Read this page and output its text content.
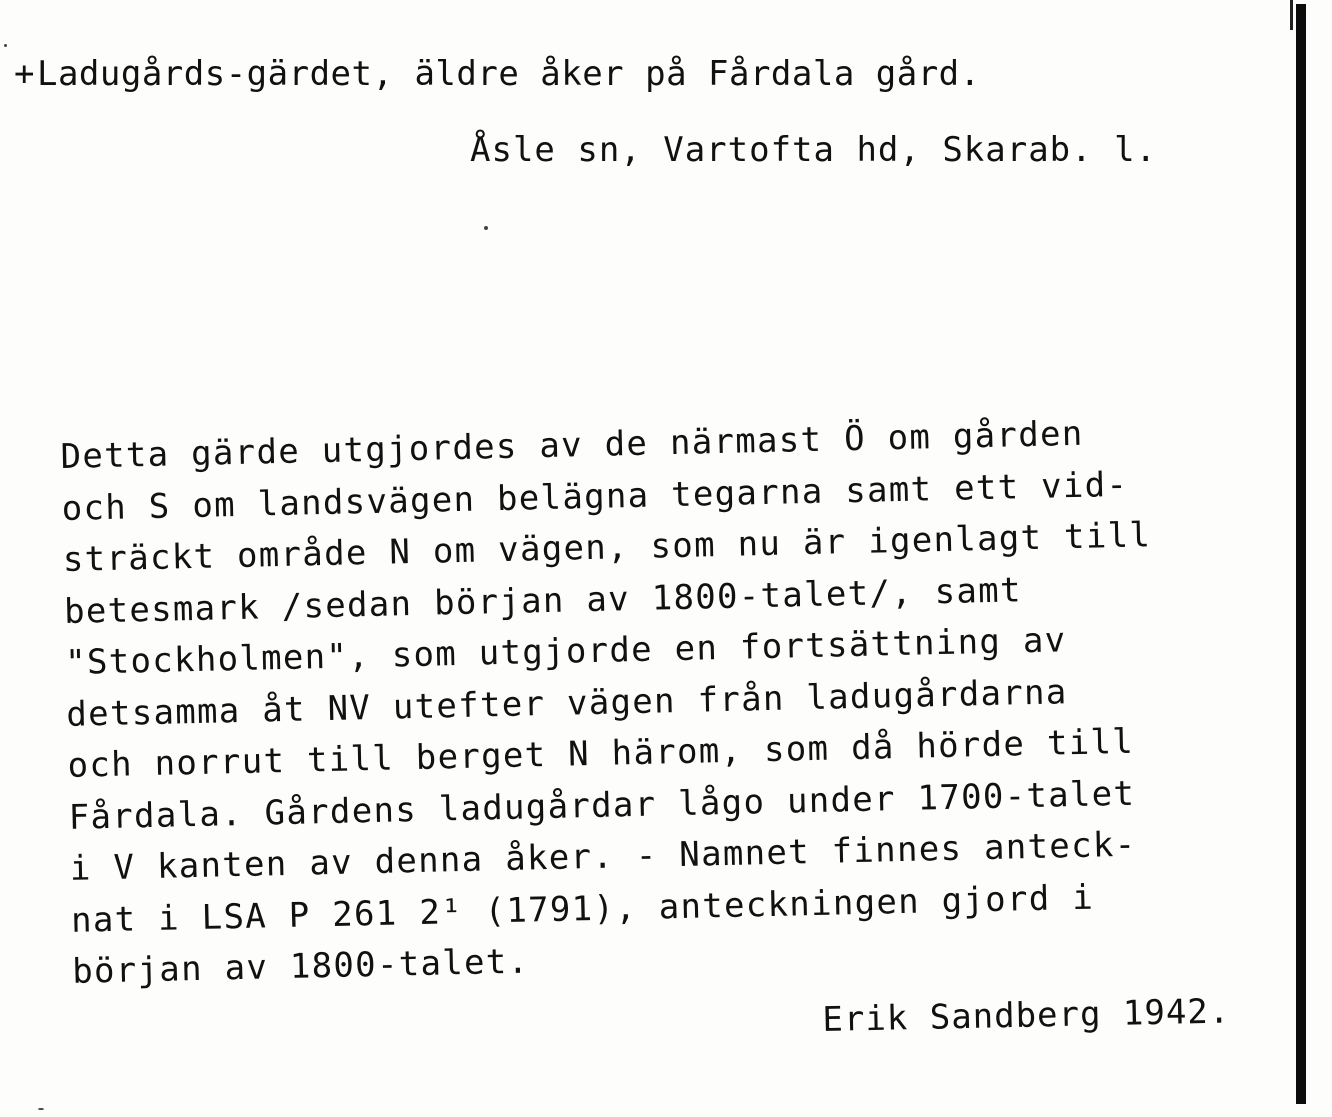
+Ladugårds-gärdet, äldre åker på Fårdala gård.
Åsle sn, Vartofta hd, Skarab. l.
Detta gärde utgjordes av de närmast Ö om gården
och S om landsvägen belägna tegarna samt ett vid-
sträckt område N om vägen, som nu är igenlagt till
betesmark /sedan början av 1800-talet/, samt
"Stockholmen", som utgjorde en fortsättning av
detsamma åt NV utefter vägen från ladugårdarna
och norrut till berget N härom, som då hörde till
Fårdala. Gårdens ladugårdar lågo under 1700-talet
i V kanten av denna åker. - Namnet finnes anteck-
nat i LSA P 261 2¹ (1791), anteckningen gjord i
början av 1800-talet.
Erik Sandberg 1942.
